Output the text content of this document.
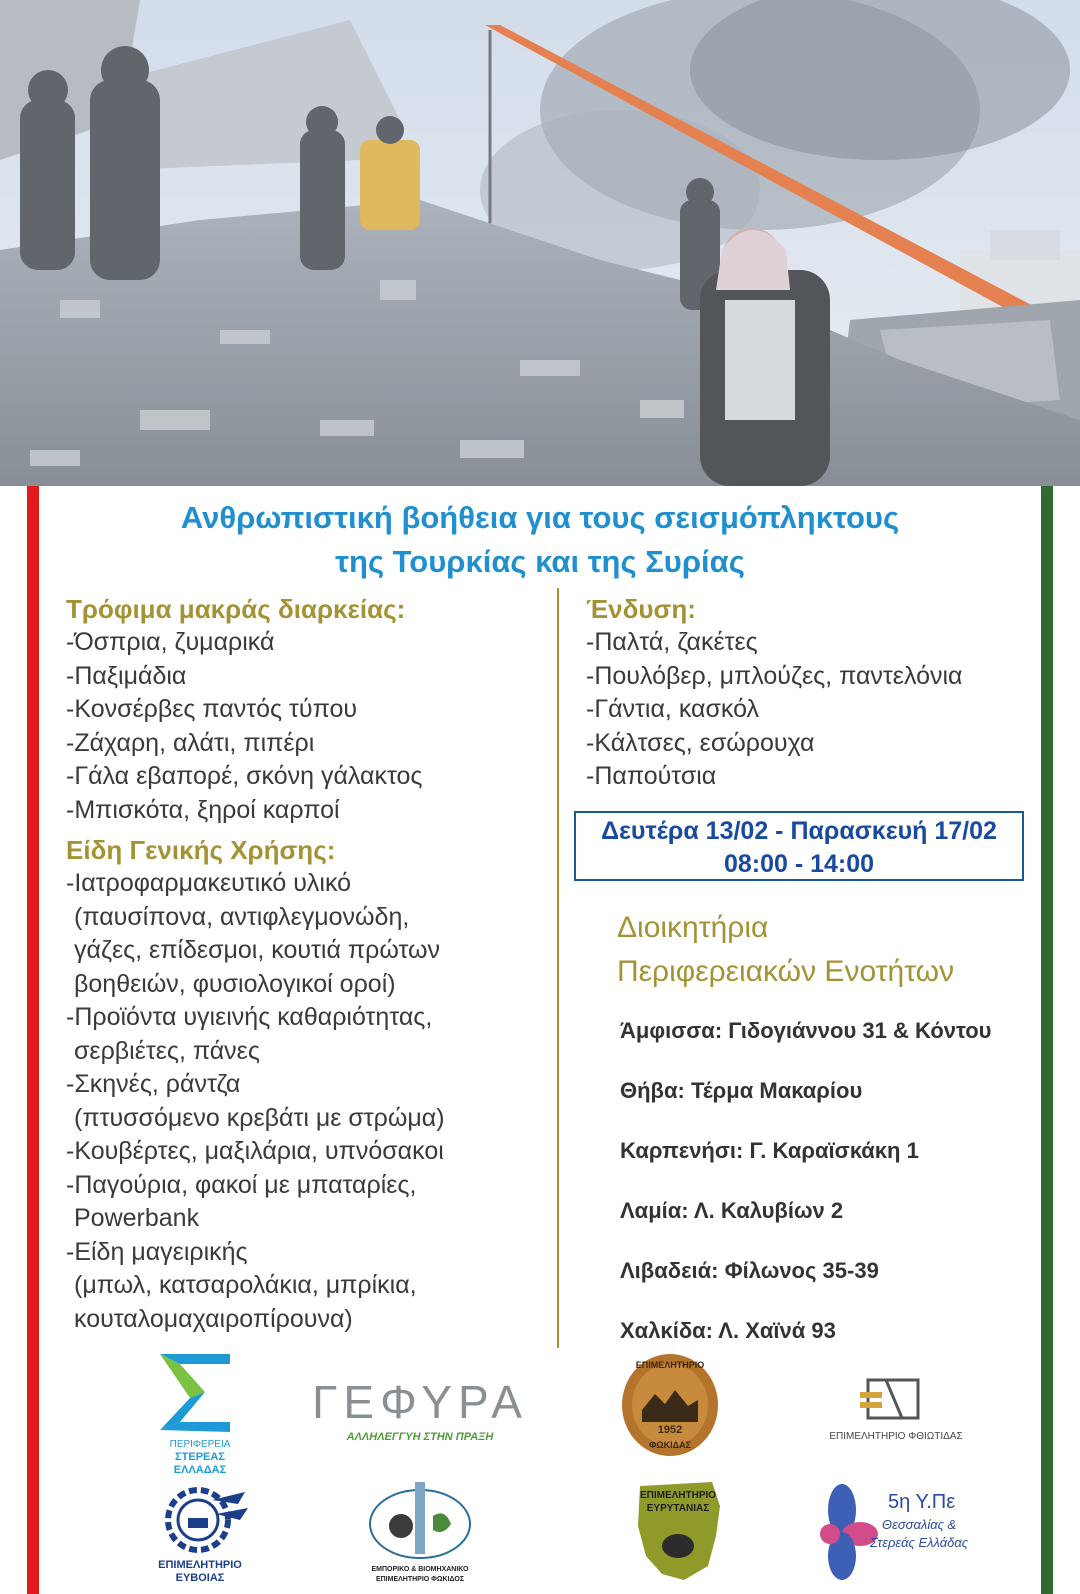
Ανθρωπιστική βοήθεια για τους σεισμόπληκτους
της Τουρκίας και της Συρίας
Τρόφιμα μακράς διαρκείας:
-Όσπρια, ζυμαρικά
-Παξιμάδια
-Κονσέρβες παντός τύπου
-Ζάχαρη, αλάτι, πιπέρι
-Γάλα εβαπορέ, σκόνη γάλακτος
-Μπισκότα, ξηροί καρποί
Είδη Γενικής Χρήσης:
-Ιατροφαρμακευτικό υλικό
(παυσίπονα, αντιφλεγμονώδη,
γάζες, επίδεσμοι, κουτιά πρώτων
βοηθειών, φυσιολογικοί οροί)
-Προϊόντα υγιεινής καθαριότητας,
σερβιέτες, πάνες
-Σκηνές, ράντζα
(πτυσσόμενο κρεβάτι με στρώμα)
-Κουβέρτες, μαξιλάρια, υπνόσακοι
-Παγούρια, φακοί με μπαταρίες,
Powerbank
-Είδη μαγειρικής
(μπωλ, κατσαρολάκια, μπρίκια,
κουταλομαχαιροπίρουνα)
Ένδυση:
-Παλτά, ζακέτες
-Πουλόβερ, μπλούζες, παντελόνια
-Γάντια, κασκόλ
-Κάλτσες, εσώρουχα
-Παπούτσια
Δευτέρα 13/02 - Παρασκευή 17/02
08:00 - 14:00
Διοικητήρια
Περιφερειακών Ενοτήτων
Άμφισσα: Γιδογιάννου 31 & Κόντου
Θήβα: Τέρμα Μακαρίου
Καρπενήσι: Γ. Καραϊσκάκη 1
Λαμία: Λ. Καλυβίων 2
Λιβαδειά: Φίλωνος 35-39
Χαλκίδα: Λ. Χαϊνά 93
ΠΕΡΙΦΕΡΕΙΑ
ΣΤΕΡΕΑΣ
ΕΛΛΑΔΑΣ
ΓΕΦΥΡΑ
ΑΛΛΗΛΕΓΓΥΗ ΣΤΗΝ ΠΡΑΞΗ
ΕΠΙΜΕΛΗΤΗΡΙΟ
1952
ΦΩΚΙΔΑΣ
ΕΠΙΜΕΛΗΤΗΡΙΟ ΦΘΙΩΤΙΔΑΣ
ΕΠΙΜΕΛΗΤΗΡΙΟ
ΕΥΒΟΙΑΣ
ΕΜΠΟΡΙΚΟ & ΒΙΟΜΗΧΑΝΙΚΟ
ΕΠΙΜΕΛΗΤΗΡΙΟ ΦΩΚΙΔΟΣ
ΕΠΙΜΕΛΗΤΗΡΙΟ
ΕΥΡΥΤΑΝΙΑΣ	5η Υ.Πε
Θεσσαλίας &
Στερεάς Ελλάδας
